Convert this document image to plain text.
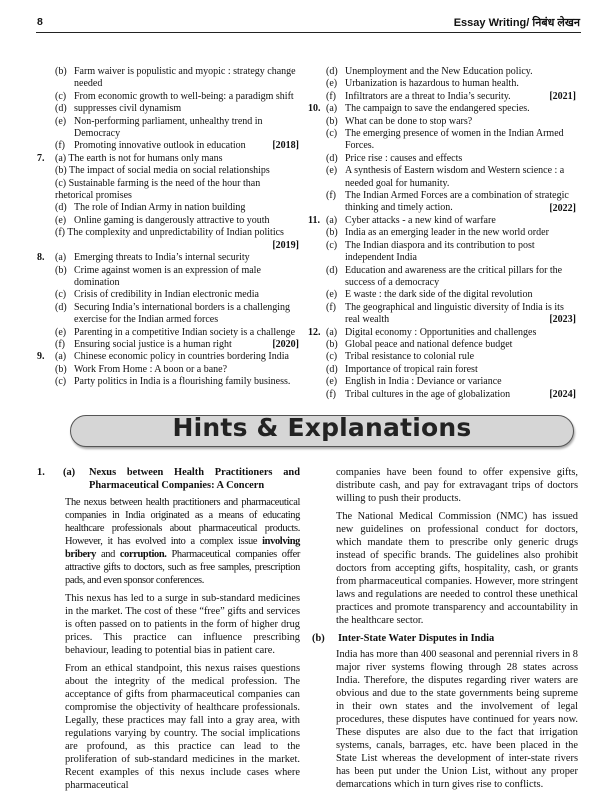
8	Essay Writing/ निबंध लेखन
(b) Farm waiver is populistic and myopic : strategy change needed
(c) From economic growth to well-being: a paradigm shift
(d) suppresses civil dynamism
(e) Non-performing parliament, unhealthy trend in Democracy
(f) Promoting innovative outlook in education	[2018]
7.	(a) The earth is not for humans only mans
(b) The impact of social media on social relationships
(c) Sustainable farming is the need of the hour than rhetorical promises
(d) The role of Indian Army in nation building
(e) Online gaming is dangerously attractive to youth
(f) The complexity and unpredictability of Indian politics
[2019]
8.	(a) Emerging threats to India’s internal security
(b) Crime against women is an expression of male domination
(c) Crisis of credibility in Indian electronic media
(d) Securing India’s international borders is a challenging exercise for the Indian armed forces
(e) Parenting in a competitive Indian society is a challenge
(f) Ensuring social justice is a human right	[2020]
9.	(a) Chinese economic policy in countries bordering India
(b) Work From Home : A boon or a bane?
(c) Party politics in India is a flourishing family business.
(d) Unemployment and the New Education policy.
(e) Urbanization is hazardous to human health.
(f) Infiltrators are a threat to India’s security.	[2021]
10. (a) The campaign to save the endangered species.
(b) What can be done to stop wars?
(c) The emerging presence of women in the Indian Armed Forces.
(d) Price rise : causes and effects
(e) A synthesis of Eastern wisdom and Western science : a needed goal for humanity.
(f) The Indian Armed Forces are a combination of strategic thinking and timely action.	[2022]
11. (a) Cyber attacks - a new kind of warfare
(b) India as an emerging leader in the new world order
(c) The Indian diaspora and its contribution to post independent India
(d) Education and awareness are the critical pillars for the success of a democracy
(e) E waste : the dark side of the digital revolution
(f) The geographical and linguistic diversity of India is its real wealth	[2023]
12. (a) Digital economy : Opportunities and challenges
(b) Global peace and national defence budget
(c) Tribal resistance to colonial rule
(d) Importance of tropical rain forest
(e) English in India : Deviance or variance
(f) Tribal cultures in the age of globalization	[2024]
Hints & Explanations
1.	(a)	Nexus between Health Practitioners and Pharmaceutical Companies: A Concern

The nexus between health practitioners and pharmaceutical companies in India originated as a means of educating healthcare professionals about pharmaceutical products. However, it has evolved into a complex issue involving bribery and corruption. Pharmaceutical companies offer attractive gifts to doctors, such as free samples, prescription pads, and even sponsor conferences.

This nexus has led to a surge in sub-standard medicines in the market. The cost of these “free” gifts and services is often passed on to patients in the form of higher drug prices. This practice can influence prescribing behaviour, leading to potential bias in patient care.

From an ethical standpoint, this nexus raises questions about the integrity of the medical profession. The acceptance of gifts from pharmaceutical companies can compromise the objectivity of healthcare professionals. Legally, these practices may fall into a gray area, with regulations varying by country. The social implications are profound, as this practice can lead to the proliferation of sub-standard medicines in the market. Recent examples of this nexus include cases where pharmaceutical

companies have been found to offer expensive gifts, distribute cash, and pay for extravagant trips of doctors willing to push their products.

The National Medical Commission (NMC) has issued new guidelines on professional conduct for doctors, which mandate them to prescribe only generic drugs instead of specific brands. The guidelines also prohibit doctors from accepting gifts, hospitality, cash, or grants from pharmaceutical companies. However, more stringent laws and regulations are needed to control these unethical practices and promote transparency and accountability in the healthcare sector.

(b)	Inter-State Water Disputes in India

India has more than 400 seasonal and perennial rivers in 8 major river systems flowing through 28 states across India. Therefore, the disputes regarding river waters are obvious and due to the state governments being supreme in their own states and the involvement of legal procedures, these disputes have continued for years now. These disputes are also due to the fact that irrigation systems, canals, barrages, etc. have been placed in the State List whereas the development of inter-state rivers has been put under the Union List, without any proper demarcations which in turn gives rise to conflicts.
